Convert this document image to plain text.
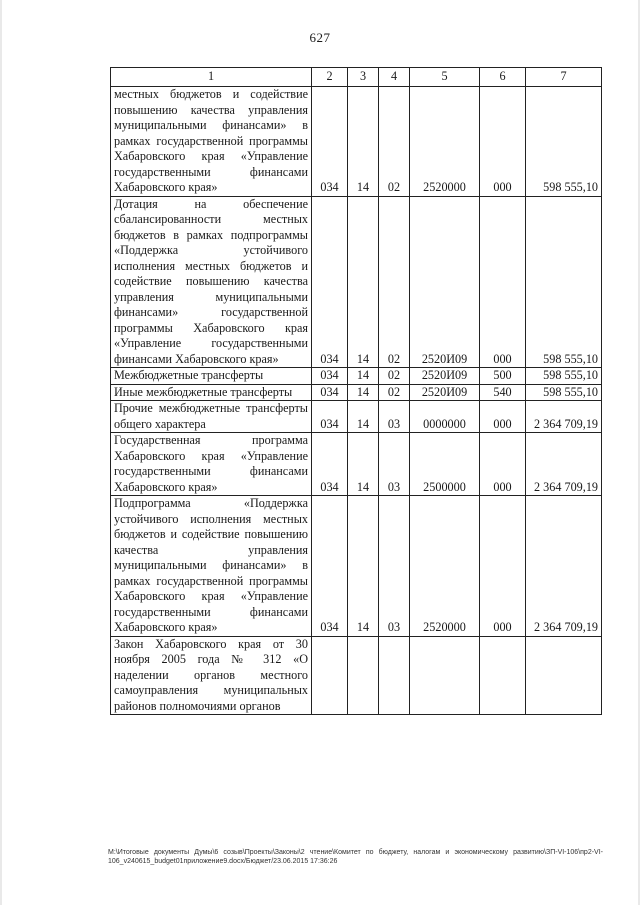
627
1	2	3	4	5	6	7
местных бюджетов и содействие повышению качества управления муниципальными финансами» в рамках государственной программы Хабаровского края «Управление государственными финансами Хабаровского края»	034	14	02	2520000	000	598 555,10
Дотация на обеспечение сбалансированности местных бюджетов в рамках подпрограммы «Поддержка устойчивого исполнения местных бюджетов и содействие повышению качества управления муниципальными финансами» государственной программы Хабаровского края «Управление государственными финансами Хабаровского края»	034	14	02	2520И09	000	598 555,10
Межбюджетные трансферты	034	14	02	2520И09	500	598 555,10
Иные межбюджетные трансферты	034	14	02	2520И09	540	598 555,10
Прочие межбюджетные трансферты общего характера	034	14	03	0000000	000	2 364 709,19
Государственная программа Хабаровского края «Управление государственными финансами Хабаровского края»	034	14	03	2500000	000	2 364 709,19
Подпрограмма «Поддержка устойчивого исполнения местных бюджетов и содействие повышению качества управления муниципальными финансами» в рамках государственной программы Хабаровского края «Управление государственными финансами Хабаровского края»	034	14	03	2520000	000	2 364 709,19
Закон Хабаровского края от 30 ноября 2005 года № 312 «О наделении органов местного самоуправления муниципальных районов полномочиями органов						
M:\Итоговые документы Думы\6 созыв\Проекты\Законы\2 чтение\Комитет по бюджету, налогам и экономическому развитию\ЗП-VI-106\пр2-VI-106_v240615_budget01приложение9.docx/Бюджет/23.06.2015 17:36:26
